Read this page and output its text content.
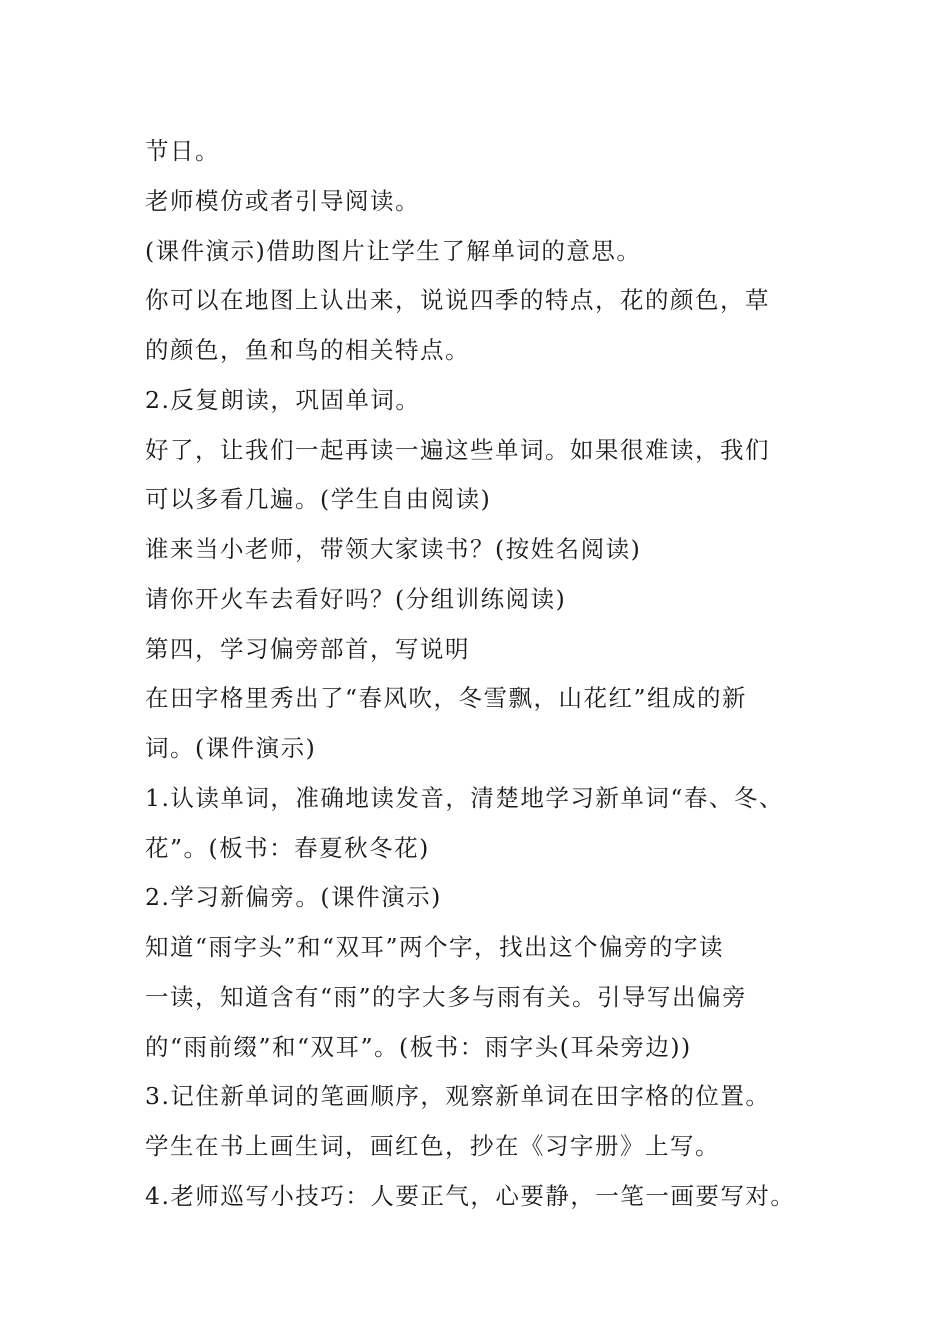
节日。
老师模仿或者引导阅读。
(课件演示)借助图片让学生了解单词的意思。
你可以在地图上认出来，说说四季的特点，花的颜色，草
的颜色，鱼和鸟的相关特点。
2.反复朗读，巩固单词。
好了，让我们一起再读一遍这些单词。如果很难读，我们
可以多看几遍。(学生自由阅读)
谁来当小老师，带领大家读书？(按姓名阅读)
请你开火车去看好吗？(分组训练阅读)
第四，学习偏旁部首，写说明
在田字格里秀出了“春风吹，冬雪飘，山花红”组成的新
词。(课件演示)
1.认读单词，准确地读发音，清楚地学习新单词“春、冬、
花”。(板书：春夏秋冬花)
2.学习新偏旁。(课件演示)
知道“雨字头”和“双耳”两个字，找出这个偏旁的字读
一读，知道含有“雨”的字大多与雨有关。引导写出偏旁
的“雨前缀”和“双耳”。(板书：雨字头(耳朵旁边))
3.记住新单词的笔画顺序，观察新单词在田字格的位置。
学生在书上画生词，画红色，抄在《习字册》上写。
4.老师巡写小技巧：人要正气，心要静，一笔一画要写对。
